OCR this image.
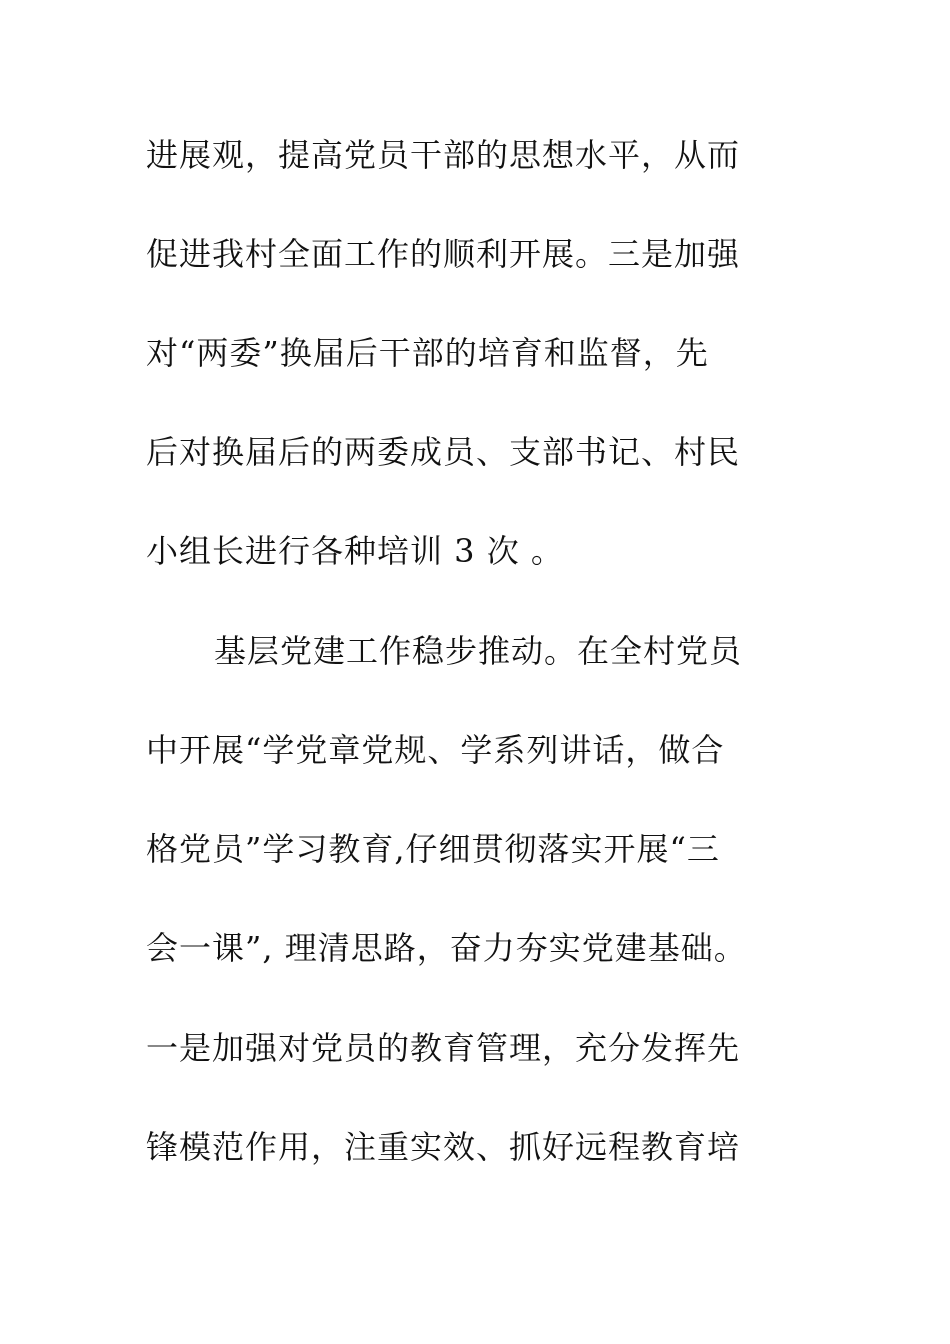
进展观，提高党员干部的思想水平，从而
促进我村全面工作的顺利开展。三是加强
对“两委”换届后干部的培育和监督，先
后对换届后的两委成员、支部书记、村民
小组长进行各种培训 3 次 。
基层党建工作稳步推动。在全村党员
中开展“学党章党规、学系列讲话，做合
格党员”学习教育,仔细贯彻落实开展“三
会一课”, 理清思路，奋力夯实党建基础。
一是加强对党员的教育管理，充分发挥先
锋模范作用，注重实效、抓好远程教育培
